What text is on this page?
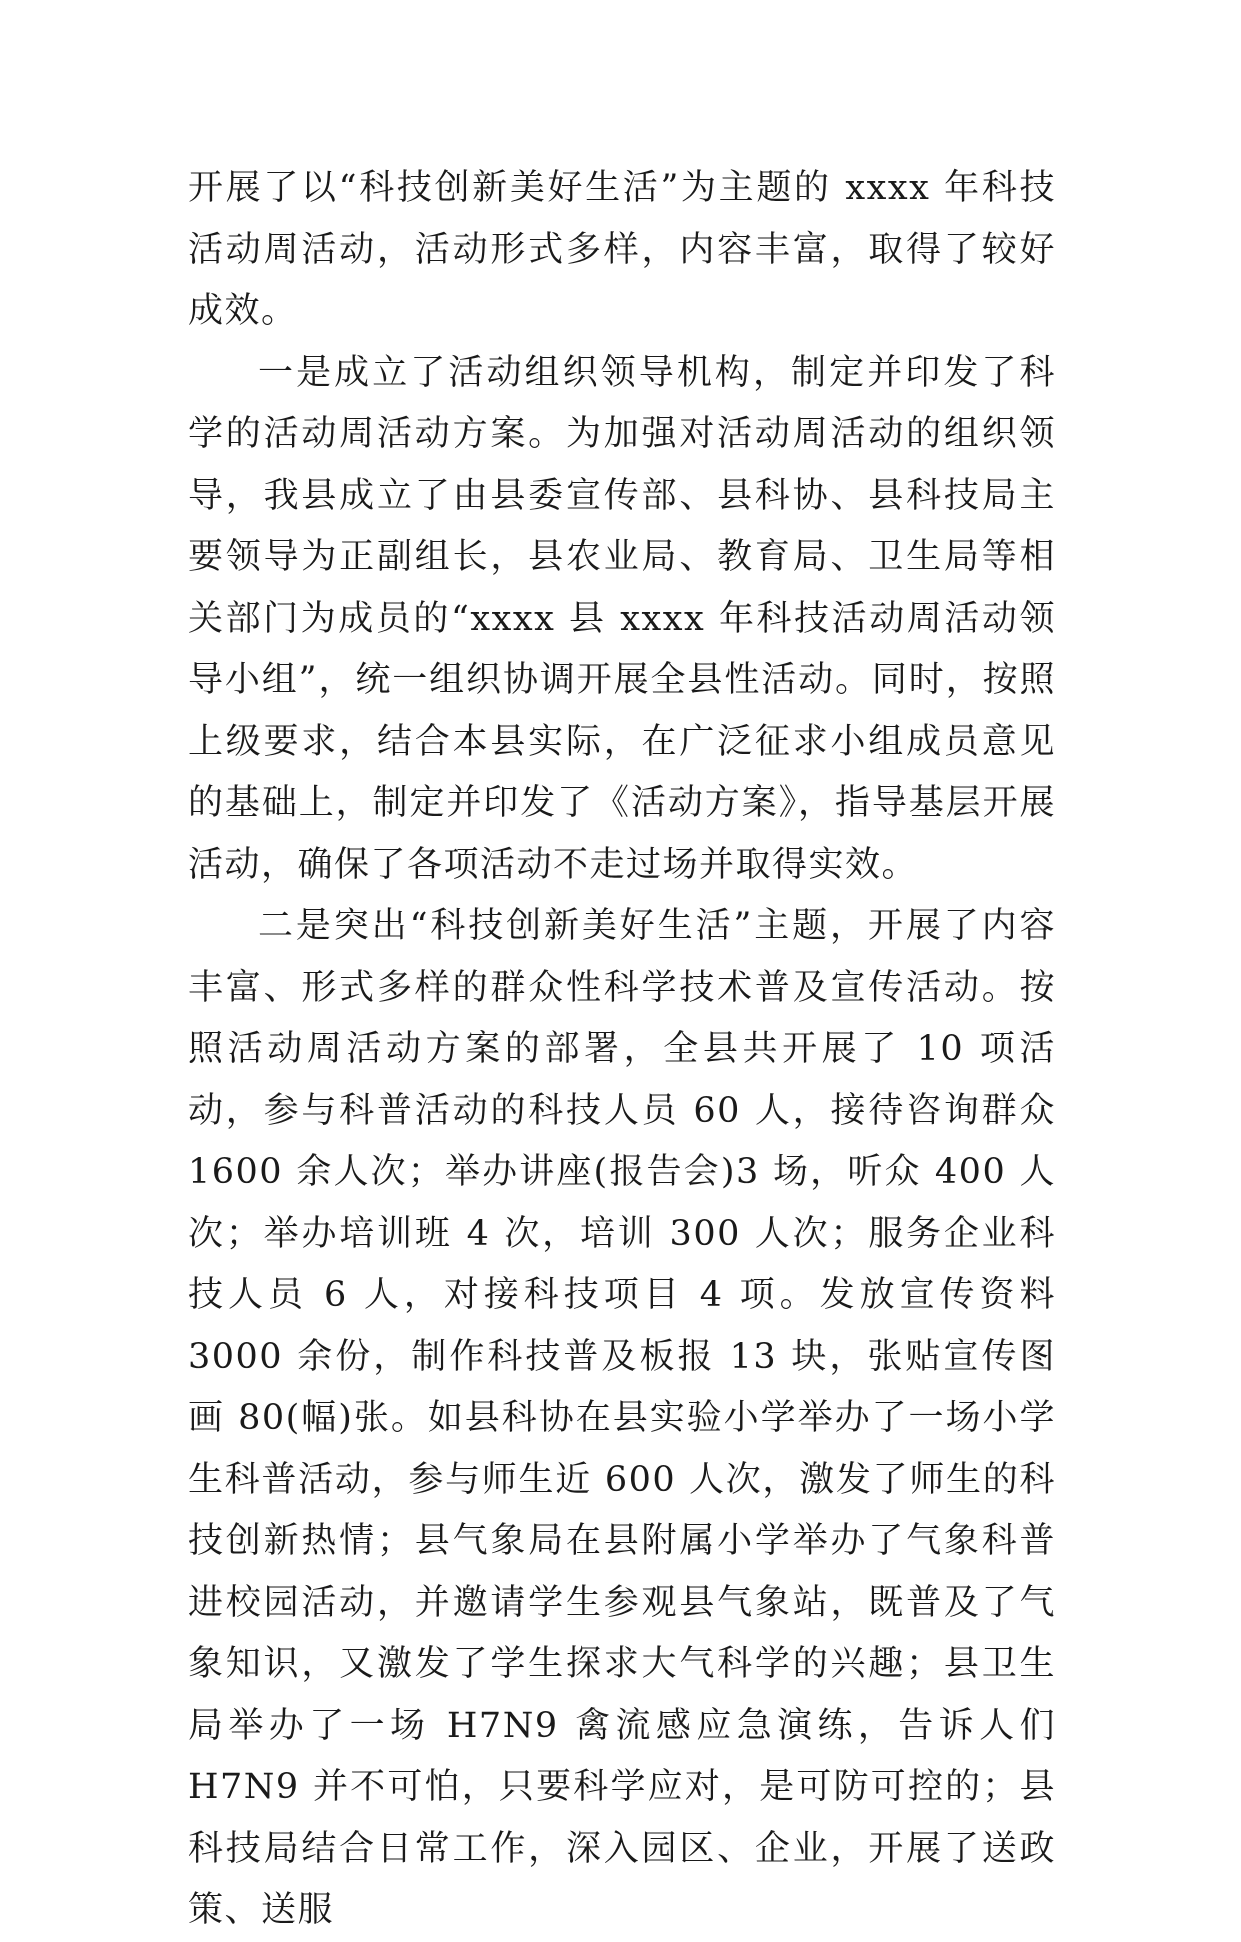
开展了以“科技创新美好生活”为主题的 xxxx 年科技活动周活动，活动形式多样，内容丰富，取得了较好成效。

一是成立了活动组织领导机构，制定并印发了科学的活动周活动方案。为加强对活动周活动的组织领导，我县成立了由县委宣传部、县科协、县科技局主要领导为正副组长，县农业局、教育局、卫生局等相关部门为成员的“xxxx 县 xxxx 年科技活动周活动领导小组”，统一组织协调开展全县性活动。同时，按照上级要求，结合本县实际，在广泛征求小组成员意见的基础上，制定并印发了《活动方案》，指导基层开展活动，确保了各项活动不走过场并取得实效。

二是突出“科技创新美好生活”主题，开展了内容丰富、形式多样的群众性科学技术普及宣传活动。按照活动周活动方案的部署，全县共开展了 10 项活动，参与科普活动的科技人员 60 人，接待咨询群众 1600 余人次；举办讲座(报告会)3 场，听众 400 人次；举办培训班 4 次，培训 300 人次；服务企业科技人员 6 人，对接科技项目 4 项。发放宣传资料 3000 余份，制作科技普及板报 13 块，张贴宣传图画 80(幅)张。如县科协在县实验小学举办了一场小学生科普活动，参与师生近 600 人次，激发了师生的科技创新热情；县气象局在县附属小学举办了气象科普进校园活动，并邀请学生参观县气象站，既普及了气象知识，又激发了学生探求大气科学的兴趣；县卫生局举办了一场 H7N9 禽流感应急演练，告诉人们 H7N9 并不可怕，只要科学应对，是可防可控的；县科技局结合日常工作，深入园区、企业，开展了送政策、送服
